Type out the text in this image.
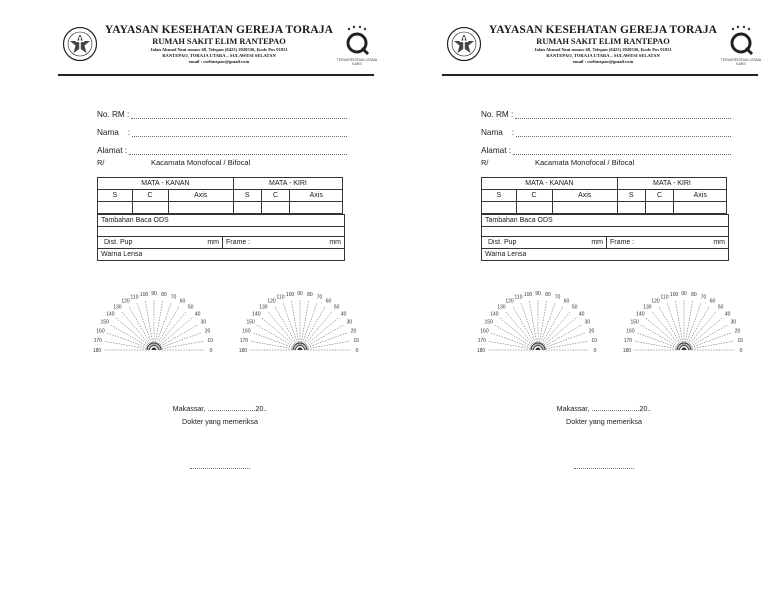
YAYASAN KESEHATAN GEREJA TORAJA
RUMAH SAKIT ELIM RANTEPAO
Jalan Ahmad Yani nomor 68, Telepon (0423) 2920526, Kode Pos 91831
RANTEPAO, TORAJA UTARA – SULAWESI SELATAN
email : rselimrpao@gmail.com	TERAKREDITASI UTAMA KARS
No. RM :
Nama :
Alamat :
R/	Kacamata Monofocal / Bifocal
MATA - KANAN			MATA - KIRI		
S	C	Axis	S	C	Axis

Tambahan Baca ODS
Dist. Pup	mm	Frame :	mm
Warna Lensa
0
10
20
30
40
50
60
70
80
90
100
110
120
130
140
150
160
170
180	0
10
20
30
40
50
60
70
80
90
100
110
120
130
140
150
160
170
180
Makassar, ........................20..
Dokter yang memeriksa
YAYASAN KESEHATAN GEREJA TORAJA
RUMAH SAKIT ELIM RANTEPAO
Jalan Ahmad Yani nomor 68, Telepon (0423) 2920526, Kode Pos 91831
RANTEPAO, TORAJA UTARA – SULAWESI SELATAN
email : rselimrpao@gmail.com	TERAKREDITASI UTAMA KARS
No. RM :
Nama :
Alamat :
R/	Kacamata Monofocal / Bifocal
MATA - KANAN			MATA - KIRI		
S	C	Axis	S	C	Axis

Tambahan Baca ODS
Dist. Pup	mm	Frame :	mm
Warna Lensa
0
10
20
30
40
50
60
70
80
90
100
110
120
130
140
150
160
170
180	0
10
20
30
40
50
60
70
80
90
100
110
120
130
140
150
160
170
180
Makassar, ........................20..
Dokter yang memeriksa
